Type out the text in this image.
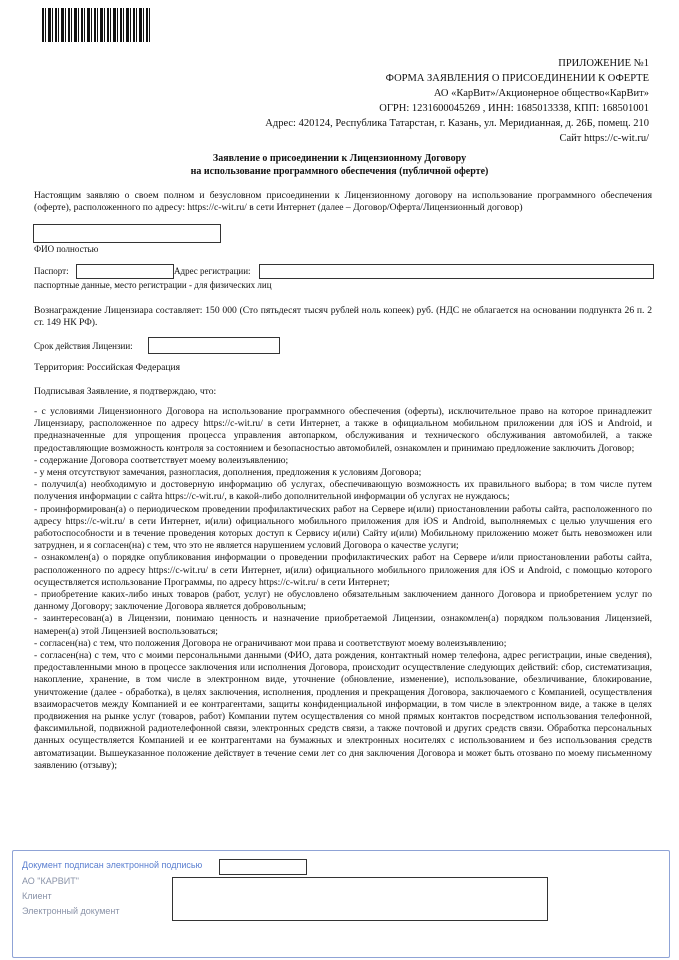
ПРИЛОЖЕНИЕ №1
ФОРМА ЗАЯВЛЕНИЯ О ПРИСОЕДИНЕНИИ К ОФЕРТЕ
АО «КарВит»/Акционерное общество«КарВит»
ОГРН: 1231600045269 , ИНН: 1685013338, КПП: 168501001
Адрес: 420124, Республика Татарстан, г. Казань, ул. Меридианная, д. 26Б, помещ. 210
Сайт https://c-wit.ru/
Заявление о присоединении к Лицензионному Договору
на использование программного обеспечения (публичной оферте)
Настоящим заявляю о своем полном и безусловном присоединении к Лицензионному договору на использование программного обеспечения (оферте), расположенного по адресу: https://c-wit.ru/ в сети Интернет (далее – Договор/Оферта/Лицензионный договор)
ФИО полностью
Паспорт:	Адрес регистрации:
паспортные данные, место регистрации - для физических лиц
Вознаграждение Лицензиара составляет: 150 000 (Сто пятьдесят тысяч рублей ноль копеек) руб. (НДС не облагается на основании подпункта 26 п. 2 ст. 149 НК РФ).
Срок действия Лицензии:
Территория: Российская Федерация
Подписывая Заявление, я подтверждаю, что:
- с условиями Лицензионного Договора на использование программного обеспечения (оферты), исключительное право на которое принадлежит Лицензиару, расположенное по адресу https://c-wit.ru/ в сети Интернет, а также в официальном мобильном приложении для iOS и Android, и предназначенные для упрощения процесса управления автопарком, обслуживания и технического обслуживания автомобилей, а также предоставляющие возможность контроля за состоянием и безопасностью автомобилей, ознакомлен и принимаю предложение заключить Договор;
- содержание Договора соответствует моему волеизъявлению;
- у меня отсутствуют замечания, разногласия, дополнения, предложения к условиям Договора;
- получил(а) необходимую и достоверную информацию об услугах, обеспечивающую возможность их правильного выбора; в том числе путем получения информации с сайта https://c-wit.ru/, в какой-либо дополнительной информации об услугах не нуждаюсь;
- проинформирован(а) о периодическом проведении профилактических работ на Сервере и(или) приостановлении работы сайта, расположенного по адресу https://c-wit.ru/ в сети Интернет, и(или) официального мобильного приложения для iOS и Android, выполняемых с целью улучшения его работоспособности и в течение проведения которых доступ к Сервису и(или) Сайту и(или) Мобильному приложению может быть невозможен или затруднен, и я согласен(на) с тем, что это не является нарушением условий Договора о качестве услуги;
- ознакомлен(а) о порядке опубликования информации о проведении профилактических работ на Сервере и/или приостановлении работы сайта, расположенного по адресу https://c-wit.ru/ в сети Интернет, и(или) официального мобильного приложения для iOS и Android, с помощью которого осуществляется использование Программы, по адресу https://c-wit.ru/ в сети Интернет;
- приобретение каких-либо иных товаров (работ, услуг) не обусловлено обязательным заключением данного Договора и приобретением услуг по данному Договору; заключение Договора является добровольным;
- заинтересован(а) в Лицензии, понимаю ценность и назначение приобретаемой Лицензии, ознакомлен(а) порядком пользования Лицензией, намерен(а) этой Лицензией воспользоваться;
- согласен(на) с тем, что положения Договора не ограничивают мои права и соответствуют моему волеизъявлению;
- согласен(на) с тем, что с моими персональными данными (ФИО, дата рождения, контактный номер телефона, адрес регистрации, иные сведения), предоставленными мною в процессе заключения или исполнения Договора, происходит осуществление следующих действий: сбор, систематизация, накопление, хранение, в том числе в электронном виде, уточнение (обновление, изменение), использование, обезличивание, блокирование, уничтожение (далее - обработка), в целях заключения, исполнения, продления и прекращения Договора, заключаемого с Компанией, осуществления взаиморасчетов между Компанией и ее контрагентами, защиты конфиденциальной информации, в том числе в электронном виде, а также в целях продвижения на рынке услуг (товаров, работ) Компании путем осуществления со мной прямых контактов посредством использования телефонной, факсимильной, подвижной радиотелефонной связи, электронных средств связи, а также почтовой и других средств связи. Обработка персональных данных осуществляется Компанией и ее контрагентами на бумажных и электронных носителях с использованием и без использования средств автоматизации. Вышеуказанное положение действует в течение семи лет со дня заключения Договора и может быть отозвано по моему письменному заявлению (отзыву);
Документ подписан электронной подписью
АО "КАРВИТ"
Клиент
Электронный документ
